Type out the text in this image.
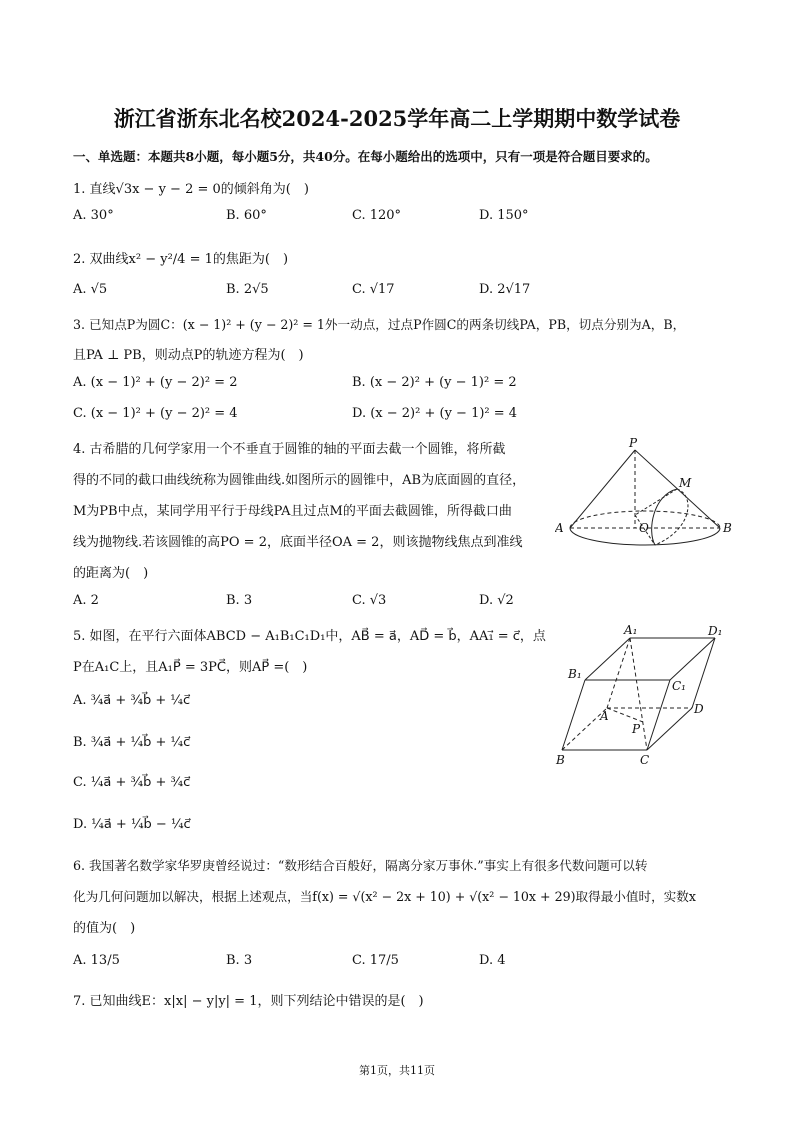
浙江省浙东北名校2024-2025学年高二上学期期中数学试卷
一、单选题：本题共8小题，每小题5分，共40分。在每小题给出的选项中，只有一项是符合题目要求的。
1. 直线√3x − y − 2 = 0的倾斜角为(　)
A. 30°	B. 60°	C. 120°	D. 150°
2. 双曲线x² − y²/4 = 1的焦距为(　)
A. √5	B. 2√5	C. √17	D. 2√17
3. 已知点P为圆C：(x − 1)² + (y − 2)² = 1外一动点，过点P作圆C的两条切线PA，PB，切点分别为A，B，
且PA ⊥ PB，则动点P的轨迹方程为(　)
A. (x − 1)² + (y − 2)² = 2	B. (x − 2)² + (y − 1)² = 2
C. (x − 1)² + (y − 2)² = 4	D. (x − 2)² + (y − 1)² = 4
4. 古希腊的几何学家用一个不垂直于圆锥的轴的平面去截一个圆锥，将所截
得的不同的截口曲线统称为圆锥曲线.如图所示的圆锥中，AB为底面圆的直径，
M为PB中点，某同学用平行于母线PA且过点M的平面去截圆锥，所得截口曲
线为抛物线.若该圆锥的高PO = 2，底面半径OA = 2，则该抛物线焦点到准线
的距离为(　)
A. 2	B. 3	C. √3	D. √2
P
M
A	O	B
5. 如图，在平行六面体ABCD − A₁B₁C₁D₁中，AB⃗ = a⃗，AD⃗ = b⃗，AA₁⃗ = c⃗，点
P在A₁C上，且A₁P⃗ = 3PC⃗，则AP⃗ =(　)
A. ¾a⃗ + ¾b⃗ + ¼c⃗
B. ¾a⃗ + ¼b⃗ + ¼c⃗
C. ¼a⃗ + ¾b⃗ + ¾c⃗
D. ¼a⃗ + ¼b⃗ − ¼c⃗
A₁	D₁
B₁
C₁
A	D
P
B	C
6. 我国著名数学家华罗庚曾经说过：“数形结合百般好，隔离分家万事休.”事实上有很多代数问题可以转
化为几何问题加以解决，根据上述观点，当f(x) = √(x² − 2x + 10) + √(x² − 10x + 29)取得最小值时，实数x
的值为(　)
A. 13/5	B. 3	C. 17/5	D. 4
7. 已知曲线E：x|x| − y|y| = 1，则下列结论中错误的是(　)
第1页，共11页
